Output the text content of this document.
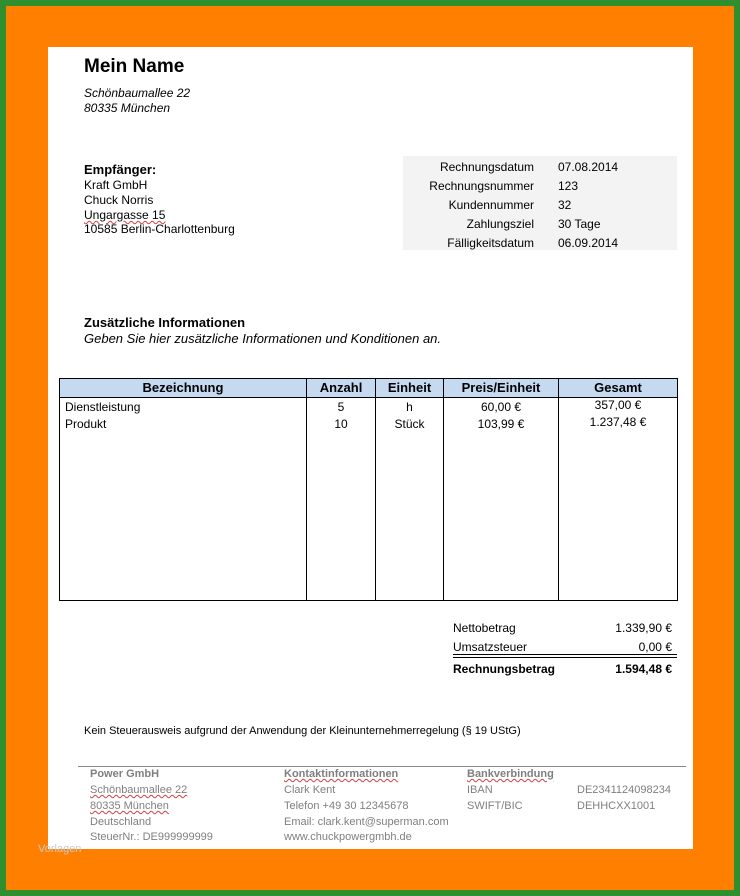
Mein Name
Schönbaumallee 22
80335 München
Empfänger:
Kraft GmbH
Chuck Norris
Ungargasse 15
10585 Berlin-Charlottenburg
Rechnungsdatum 07.08.2014
Rechnungsnummer 123
Kundennummer 32
Zahlungsziel 30 Tage
Fälligkeitsdatum 06.09.2014
Zusätzliche Informationen
Geben Sie hier zusätzliche Informationen und Konditionen an.
Bezeichnung	Anzahl	Einheit	Preis/Einheit	Gesamt
Dienstleistung	5	h	60,00 €	357,00 €
Produkt	10	Stück	103,99 €	1.237,48 €
Nettobetrag	1.339,90 €
Umsatzsteuer	0,00 €
Rechnungsbetrag	1.594,48 €
Kein Steuerausweis aufgrund der Anwendung der Kleinunternehmerregelung (§ 19 UStG)
Power GmbH
Schönbaumallee 22
80335 München
Deutschland
SteuerNr.: DE999999999
Kontaktinformationen
Clark Kent
Telefon +49 30 12345678
Email: clark.kent@superman.com
www.chuckpowergmbh.de
Bankverbindung
IBAN	DE2341124098234
SWIFT/BIC	DEHHCXX1001
Vorlagen
